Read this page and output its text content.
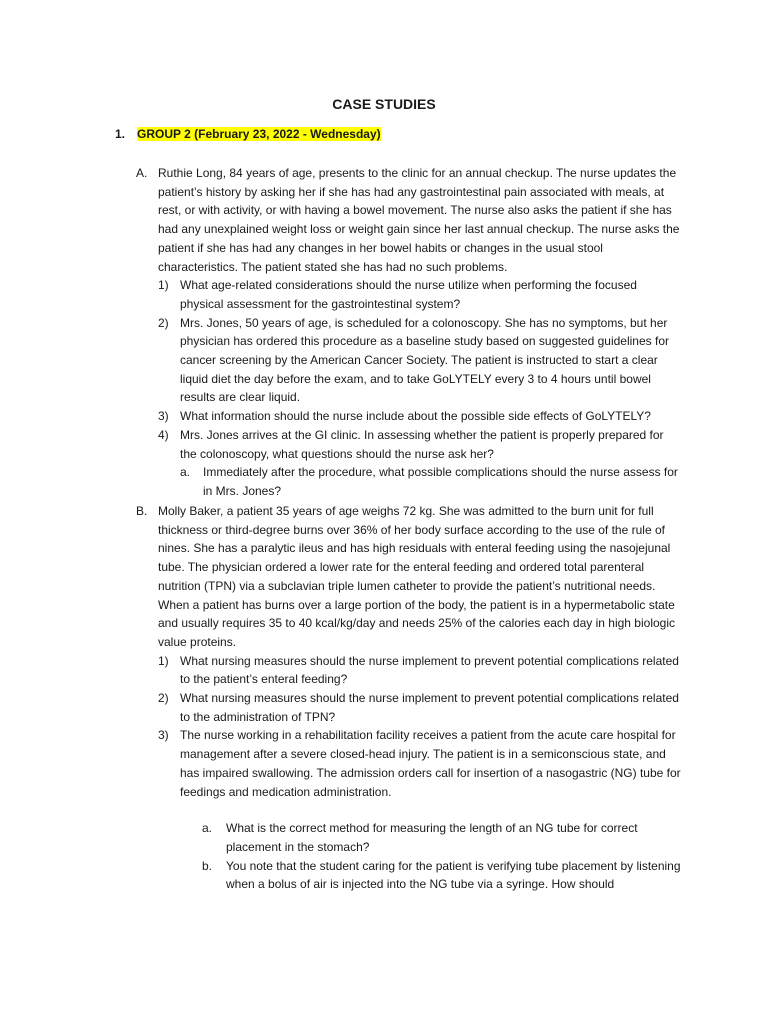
CASE STUDIES
1. GROUP 2 (February 23, 2022 - Wednesday)
A. Ruthie Long, 84 years of age, presents to the clinic for an annual checkup. The nurse updates the patient’s history by asking her if she has had any gastrointestinal pain associated with meals, at rest, or with activity, or with having a bowel movement. The nurse also asks the patient if she has had any unexplained weight loss or weight gain since her last annual checkup. The nurse asks the patient if she has had any changes in her bowel habits or changes in the usual stool characteristics. The patient stated she has had no such problems.

1) What age-related considerations should the nurse utilize when performing the focused physical assessment for the gastrointestinal system?
2) Mrs. Jones, 50 years of age, is scheduled for a colonoscopy. She has no symptoms, but her physician has ordered this procedure as a baseline study based on suggested guidelines for cancer screening by the American Cancer Society. The patient is instructed to start a clear liquid diet the day before the exam, and to take GoLYTELY every 3 to 4 hours until bowel results are clear liquid.
3) What information should the nurse include about the possible side effects of GoLYTELY?
4) Mrs. Jones arrives at the GI clinic. In assessing whether the patient is properly prepared for the colonoscopy, what questions should the nurse ask her?
a. Immediately after the procedure, what possible complications should the nurse assess for in Mrs. Jones?
B. Molly Baker, a patient 35 years of age weighs 72 kg. She was admitted to the burn unit for full thickness or third-degree burns over 36% of her body surface according to the use of the rule of nines. She has a paralytic ileus and has high residuals with enteral feeding using the nasojejunal tube. The physician ordered a lower rate for the enteral feeding and ordered total parenteral nutrition (TPN) via a subclavian triple lumen catheter to provide the patient’s nutritional needs. When a patient has burns over a large portion of the body, the patient is in a hypermetabolic state and usually requires 35 to 40 kcal/kg/day and needs 25% of the calories each day in high biologic value proteins.

1) What nursing measures should the nurse implement to prevent potential complications related to the patient’s enteral feeding?
2) What nursing measures should the nurse implement to prevent potential complications related to the administration of TPN?
3) The nurse working in a rehabilitation facility receives a patient from the acute care hospital for management after a severe closed-head injury. The patient is in a semiconscious state, and has impaired swallowing. The admission orders call for insertion of a nasogastric (NG) tube for feedings and medication administration.
a. What is the correct method for measuring the length of an NG tube for correct placement in the stomach?
b. You note that the student caring for the patient is verifying tube placement by listening when a bolus of air is injected into the NG tube via a syringe. How should
